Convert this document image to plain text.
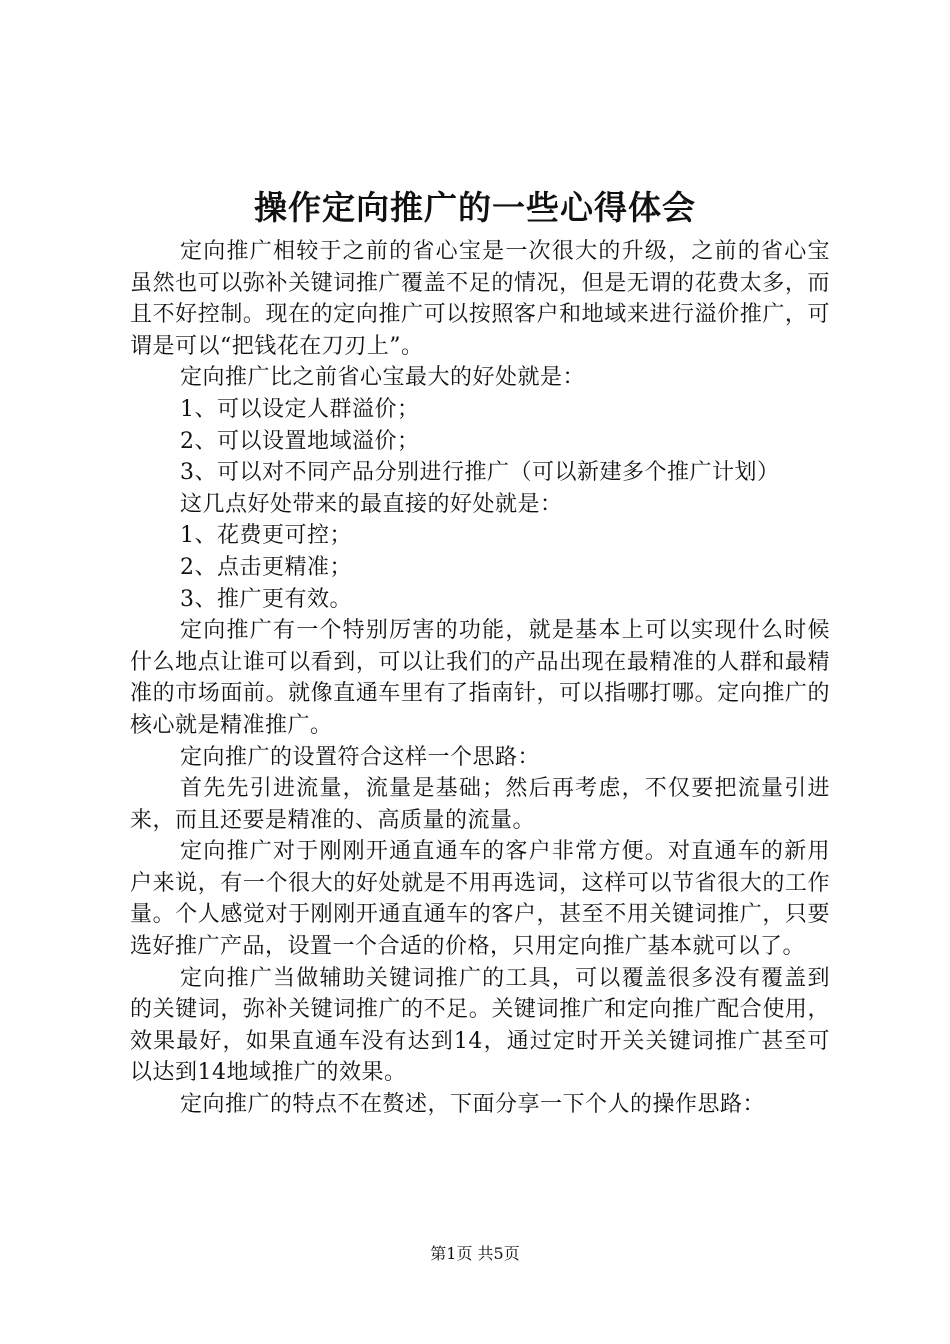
操作定向推广的一些心得体会

定向推广相较于之前的省心宝是一次很大的升级，之前的省心宝虽然也可以弥补关键词推广覆盖不足的情况，但是无谓的花费太多，而且不好控制。现在的定向推广可以按照客户和地域来进行溢价推广，可谓是可以“把钱花在刀刃上”。

定向推广比之前省心宝最大的好处就是：

1、可以设定人群溢价；

2、可以设置地域溢价；

3、可以对不同产品分别进行推广（可以新建多个推广计划）

这几点好处带来的最直接的好处就是：

1、花费更可控；

2、点击更精准；

3、推广更有效。

定向推广有一个特别厉害的功能，就是基本上可以实现什么时候什么地点让谁可以看到，可以让我们的产品出现在最精准的人群和最精准的市场面前。就像直通车里有了指南针，可以指哪打哪。定向推广的核心就是精准推广。

定向推广的设置符合这样一个思路：

首先先引进流量，流量是基础；然后再考虑，不仅要把流量引进来，而且还要是精准的、高质量的流量。

定向推广对于刚刚开通直通车的客户非常方便。对直通车的新用户来说，有一个很大的好处就是不用再选词，这样可以节省很大的工作量。个人感觉对于刚刚开通直通车的客户，甚至不用关键词推广，只要选好推广产品，设置一个合适的价格，只用定向推广基本就可以了。

定向推广当做辅助关键词推广的工具，可以覆盖很多没有覆盖到的关键词，弥补关键词推广的不足。关键词推广和定向推广配合使用，效果最好，如果直通车没有达到14，通过定时开关关键词推广甚至可以达到14地域推广的效果。

定向推广的特点不在赘述，下面分享一下个人的操作思路：

第1页 共5页
